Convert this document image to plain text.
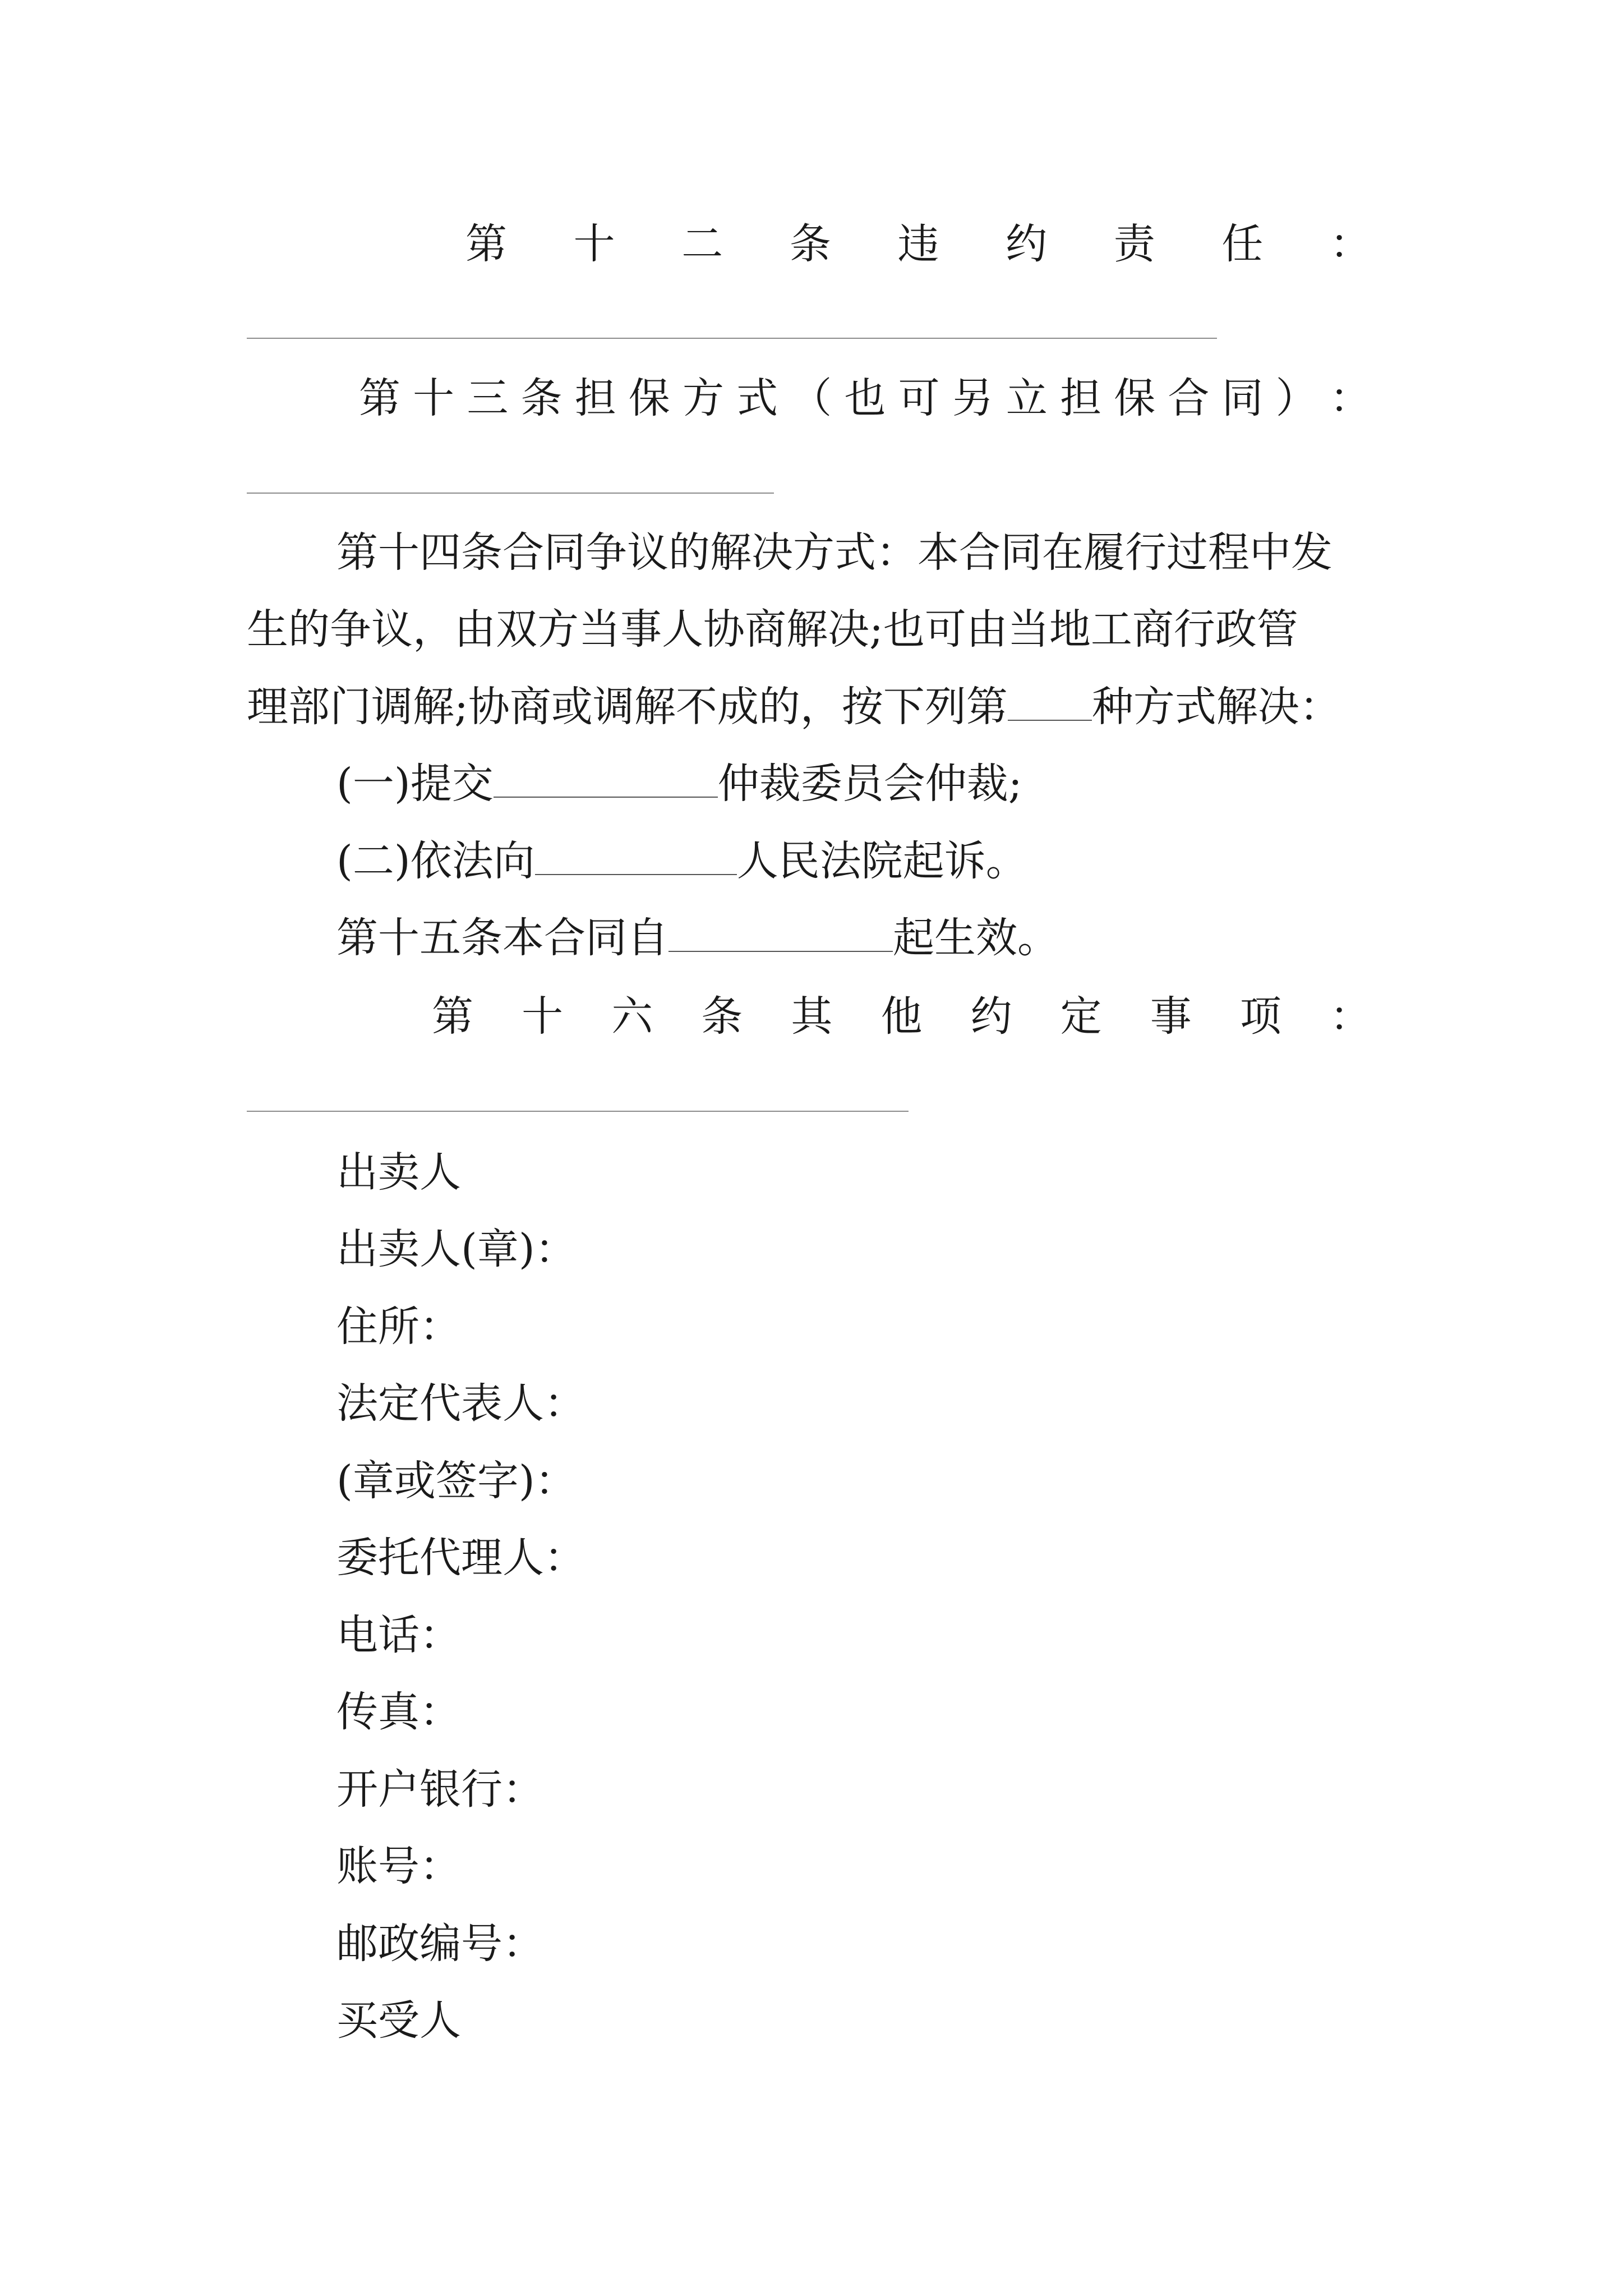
第 十 二 条 违 约 责 任 ：
第 十 三 条 担 保 方 式 （ 也 可 另 立 担 保 合 同 ） ：

第十四条合同争议的解决方式：本合同在履行过程中发

生的争议，由双方当事人协商解决;也可由当地工商行政管

理部门调解;协商或调解不成的，按下列第 种方式解决：

(一)提交	仲裁委员会仲裁;

(二)依法向	人民法院起诉。

第十五条本合同自	起生效。

第 十 六 条 其 他 约 定 事 项 ：

出卖人

出卖人(章)：

住所：

法定代表人：

(章或签字)：

委托代理人：

电话：

传真：

开户银行：

账号：

邮政编号：

买受人
